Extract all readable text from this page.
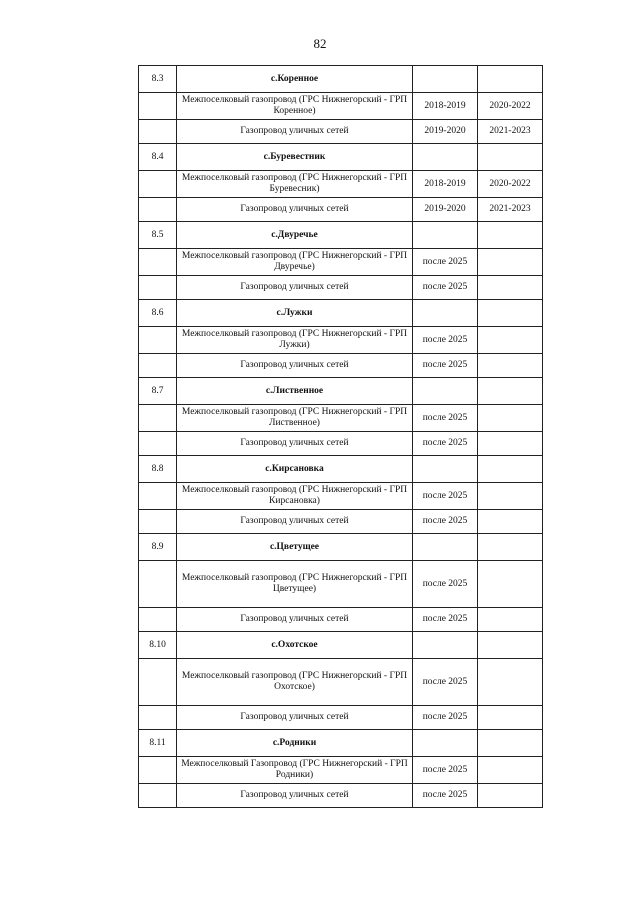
82
8.3	с.Коренное		
	Межпоселковый газопровод (ГРС Нижнегорский - ГРП Коренное)	2018-2019	2020-2022
	Газопровод уличных сетей	2019-2020	2021-2023
8.4	с.Буревестник		
	Межпоселковый газопровод (ГРС Нижнегорский - ГРП Буревесник)	2018-2019	2020-2022
	Газопровод уличных сетей	2019-2020	2021-2023
8.5	с.Двуречье		
	Межпоселковый газопровод (ГРС Нижнегорский - ГРП Двуречье)	после 2025	
	Газопровод уличных сетей	после 2025	
8.6	с.Лужки		
	Межпоселковый газопровод (ГРС Нижнегорский - ГРП Лужки)	после 2025	
	Газопровод уличных сетей	после 2025	
8.7	с.Лиственное		
	Межпоселковый газопровод (ГРС Нижнегорский - ГРП Лиственное)	после 2025	
	Газопровод уличных сетей	после 2025	
8.8	с.Кирсановка		
	Межпоселковый газопровод (ГРС Нижнегорский - ГРП Кирсановка)	после 2025	
	Газопровод уличных сетей	после 2025	
8.9	с.Цветущее		
	Межпоселковый газопровод (ГРС Нижнегорский - ГРП Цветущее)	после 2025	
	Газопровод уличных сетей	после 2025	
8.10	с.Охотское		
	Межпоселковый газопровод (ГРС Нижнегорский - ГРП Охотское)	после 2025	
	Газопровод уличных сетей	после 2025	
8.11	с.Родники		
	Межпоселковый Газопровод (ГРС Нижнегорский - ГРП Родники)	после 2025	
	Газопровод уличных сетей	после 2025	
